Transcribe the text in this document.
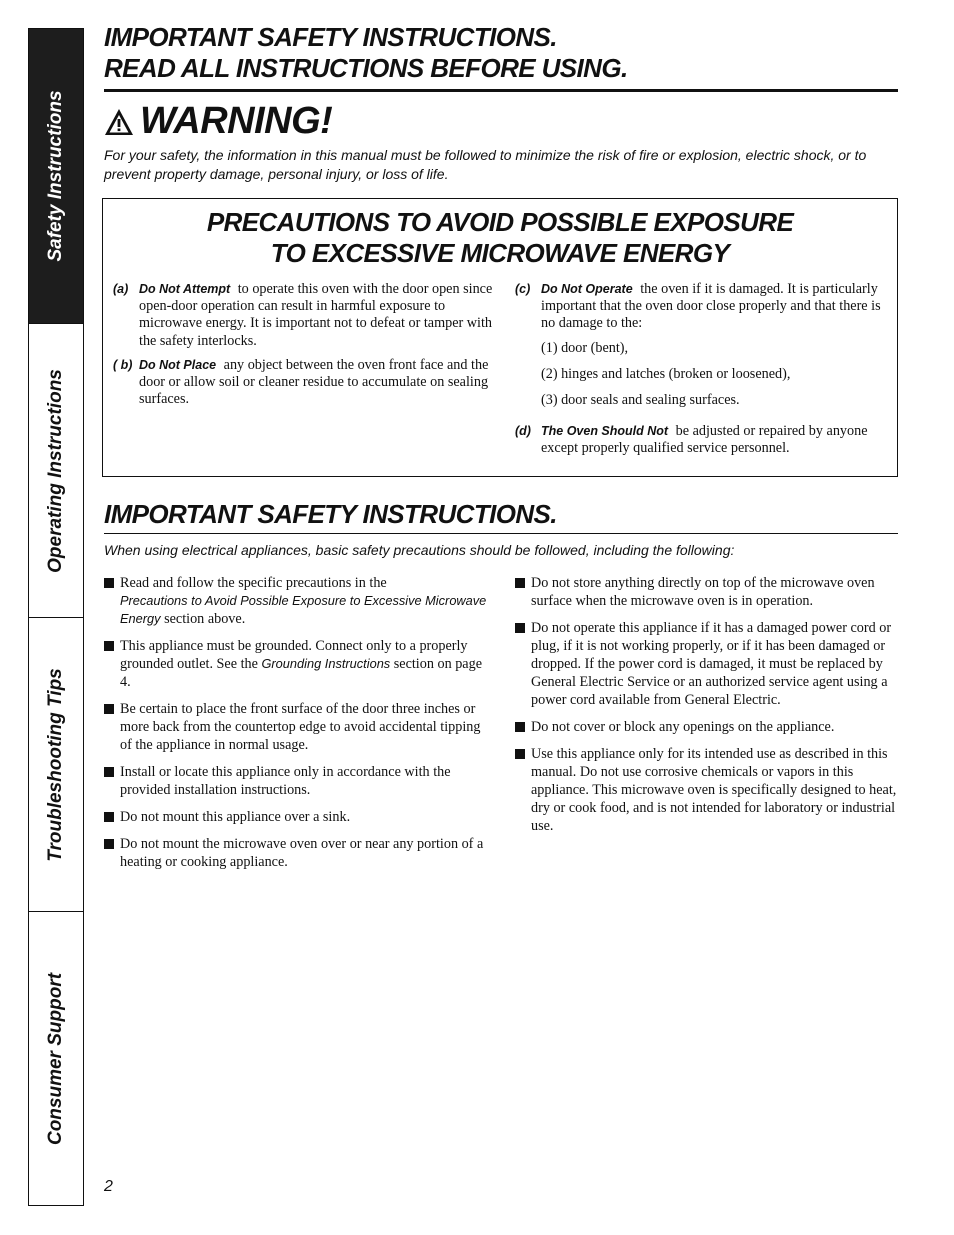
Safety Instructions
Operating Instructions
Troubleshooting Tips
Consumer Support
IMPORTANT SAFETY INSTRUCTIONS.
READ ALL INSTRUCTIONS BEFORE USING.
WARNING!
For your safety, the information in this manual must be followed to minimize the risk of fire or explosion, electric shock, or to prevent property damage, personal injury, or loss of life.
PRECAUTIONS TO AVOID POSSIBLE EXPOSURE
TO EXCESSIVE MICROWAVE ENERGY
(a) Do Not Attempt to operate this oven with the door open since open-door operation can result in harmful exposure to microwave energy. It is important not to defeat or tamper with the safety interlocks.
( b) Do Not Place any object between the oven front face and the door or allow soil or cleaner residue to accumulate on sealing surfaces.
(c) Do Not Operate the oven if it is damaged. It is particularly important that the oven door close properly and that there is no damage to the:
(1) door (bent),
(2) hinges and latches (broken or loosened),
(3) door seals and sealing surfaces.
(d) The Oven Should Not be adjusted or repaired by anyone except properly qualified service personnel.
IMPORTANT SAFETY INSTRUCTIONS.
When using electrical appliances, basic safety precautions should be followed, including the following:
Read and follow the specific precautions in the
Precautions to Avoid Possible Exposure to Excessive Microwave Energy section above.
This appliance must be grounded. Connect only to a properly grounded outlet. See the Grounding Instructions section on page 4.
Be certain to place the front surface of the door three inches or more back from the countertop edge to avoid accidental tipping of the appliance in normal usage.
Install or locate this appliance only in accordance with the provided installation instructions.
Do not mount this appliance over a sink.
Do not mount the microwave oven over or near any portion of a heating or cooking appliance.
Do not store anything directly on top of the microwave oven surface when the microwave oven is in operation.
Do not operate this appliance if it has a damaged power cord or plug, if it is not working properly, or if it has been damaged or dropped. If the power cord is damaged, it must be replaced by General Electric Service or an authorized service agent using a power cord available from General Electric.
Do not cover or block any openings on the appliance.
Use this appliance only for its intended use as described in this manual. Do not use corrosive chemicals or vapors in this appliance. This microwave oven is specifically designed to heat, dry or cook food, and is not intended for laboratory or industrial use.
2
